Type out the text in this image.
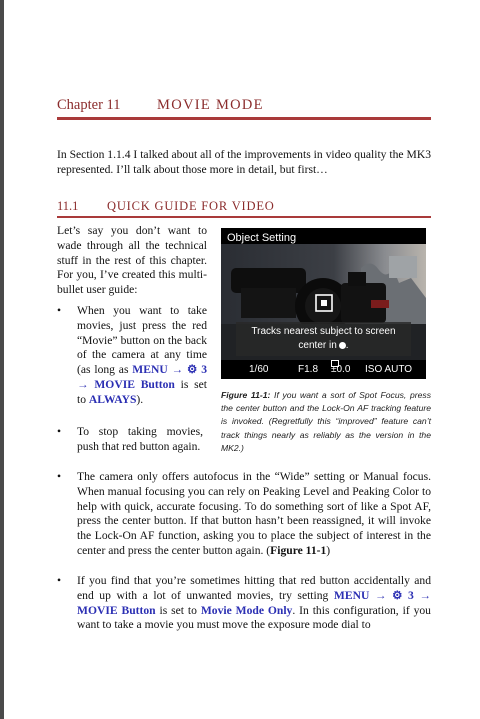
Chapter 11	MOVIE MODE
In Section 1.1.4 I talked about all of the improvements in video quality the MK3 represented. I’ll talk about those more in detail, but first…
11.1 QUICK GUIDE FOR VIDEO
Let’s say you don’t want to wade through all the technical stuff in the rest of this chapter. For you, I’ve created this multi-bullet user guide:
• When you want to take movies, just press the red “Movie” button on the back of the camera at any time (as long as MENU → ⚙ 3 → MOVIE Button is set to ALWAYS).
• To stop taking movies, push that red button again.
• The camera only offers autofocus in the “Wide” setting or Manual focus. When manual focusing you can rely on Peaking Level and Peaking Color to help with quick, accurate focusing. To do something sort of like a Spot AF, press the center button. If that button hasn’t been reassigned, it will invoke the Lock-On AF function, asking you to place the subject of interest in the center and press the center button again. (Figure 11-1)
• If you find that you’re sometimes hitting that red button accidentally and end up with a lot of unwanted movies, try setting MENU → ⚙ 3 → MOVIE Button is set to Movie Mode Only. In this configuration, if you want to take a movie you must move the exposure mode dial to
Object Setting
Tracks nearest subject to screen
center in .
1/60	F1.8 ±0.0 ISO AUTO
Figure 11-1: If you want a sort of Spot Focus, press the center button and the Lock-On AF tracking feature is invoked. (Regretfully this “improved” feature can’t track things nearly as reliably as the version in the MK2.)
